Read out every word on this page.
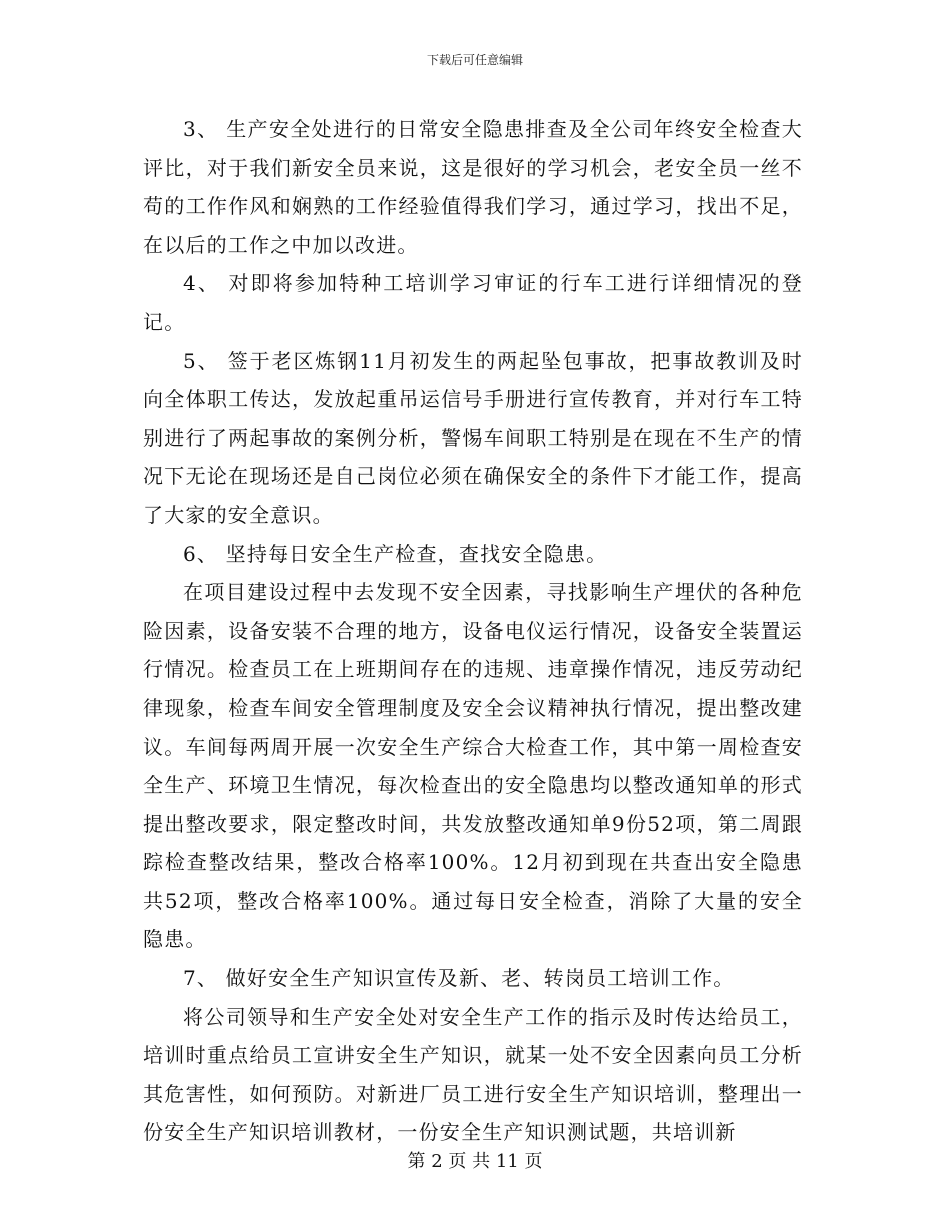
下载后可任意编辑

3、 生产安全处进行的日常安全隐患排查及全公司年终安全检查大评比，对于我们新安全员来说，这是很好的学习机会，老安全员一丝不苟的工作作风和娴熟的工作经验值得我们学习，通过学习，找出不足，在以后的工作之中加以改进。

4、 对即将参加特种工培训学习审证的行车工进行详细情况的登记。

5、 签于老区炼钢11月初发生的两起坠包事故，把事故教训及时向全体职工传达，发放起重吊运信号手册进行宣传教育，并对行车工特别进行了两起事故的案例分析，警惕车间职工特别是在现在不生产的情况下无论在现场还是自己岗位必须在确保安全的条件下才能工作，提高了大家的安全意识。

6、 坚持每日安全生产检查，查找安全隐患。

在项目建设过程中去发现不安全因素，寻找影响生产埋伏的各种危险因素，设备安装不合理的地方，设备电仪运行情况，设备安全装置运行情况。检查员工在上班期间存在的违规、违章操作情况，违反劳动纪律现象，检查车间安全管理制度及安全会议精神执行情况，提出整改建议。车间每两周开展一次安全生产综合大检查工作，其中第一周检查安全生产、环境卫生情况，每次检查出的安全隐患均以整改通知单的形式提出整改要求，限定整改时间，共发放整改通知单9份52项，第二周跟踪检查整改结果，整改合格率100%。12月初到现在共查出安全隐患共52项，整改合格率100%。通过每日安全检查，消除了大量的安全隐患。

7、 做好安全生产知识宣传及新、老、转岗员工培训工作。

将公司领导和生产安全处对安全生产工作的指示及时传达给员工，培训时重点给员工宣讲安全生产知识，就某一处不安全因素向员工分析其危害性，如何预防。对新进厂员工进行安全生产知识培训，整理出一份安全生产知识培训教材，一份安全生产知识测试题，共培训新

第 2 页 共 11 页
